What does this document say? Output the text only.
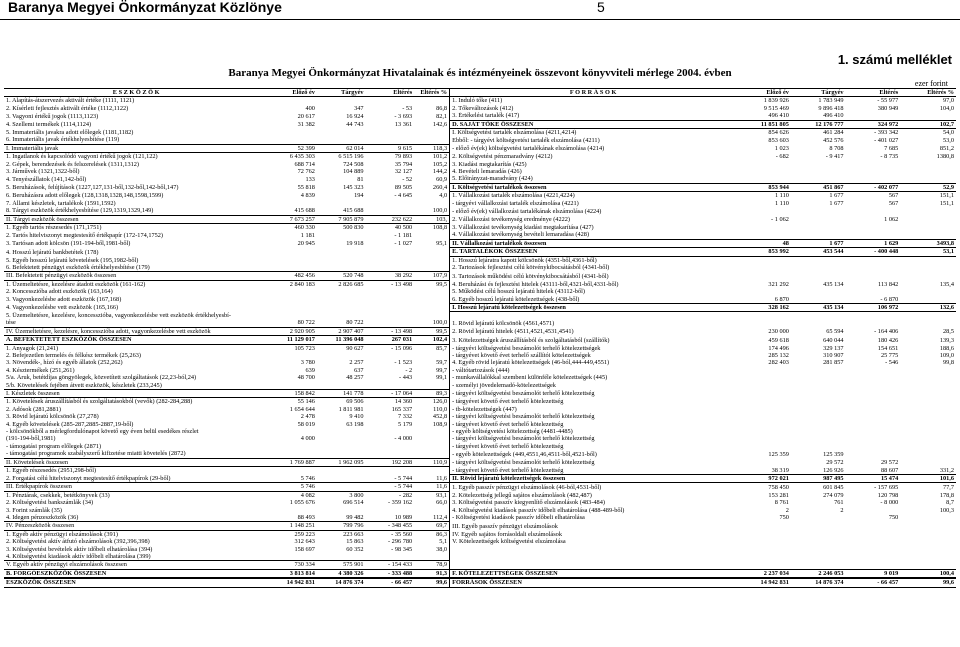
Baranya Megyei Önkormányzat Közlönye	5
1. számú melléklet
Baranya Megyei Önkormányzat Hivatalainak és intézményeinek összevont könyvviteli mérlege 2004. évben
ezer forint
E S Z K Ö Z Ö K	Előző év	Tárgyév	Eltérés	Eltérés %	F O R R Á S O K	Előző év	Tárgyév	Eltérés	Eltérés %
1. Alapítás-átszervezés aktivált értéke (1111, 1121)					1. Induló tőke (411)	1 839 926	1 783 949	- 55 977	97,0
2. Kísérleti fejlesztés aktivált értéke (1112,1122)	400	347	- 53	86,8	2. Tőkeváltozások (412)	9 515 469	9 896 418	380 949	104,0
3. Vagyoni értékű jogok (1113,1123)	20 617	16 924	- 3 693	82,1	3. Értékelési tartalék (417)	496 410	496 410		
4. Szellemi termékek (1114,1124)	31 382	44 743	13 361	142,6	D. SAJÁT TŐKE ÖSSZESEN	11 851 805	12 176 777	324 972	102,7
5. Immateriális javakra adott előlegek (1181,1182)					I. Költségvetési tartalék elszámolása (4211,4214)	854 626	461 284	- 393 342	54,0
6. Immateriális javak értékhelyesbítése (119)					Ebből: - tárgyévi költségvetési tartalék elszámolása (4211)	853 603	452 576	- 401 027	53,0
I. Immateriális javak	52 399	62 014	9 615	118,3	- előző év(ek) költségvetési tartalékának elszámolása (4214)	1 023	8 708	7 685	851,2
1. Ingatlanok és kapcsolódó vagyoni értékű jogok (121,122)	6 435 303	6 515 196	79 893	101,2	2. Költségvetési pénzmaradvány (4212)	- 682	- 9 417	- 8 735	1380,8
2. Gépek, berendezések és felszerelések (1311,1312)	688 714	724 508	35 794	105,2	3. Kiadási megtakarítás (425)				
3. Járművek (1321,1322-ből)	72 762	104 889	32 127	144,2	4. Bevételi lemaradás (426)				
4. Tenyészállatok (141,142-ből)	133	81	- 52	60,9	5. Előirányzat-maradvány (424)				
5. Beruházások, felújítások (1227,127,131-ből,132-ből,142-ből,147)	55 818	145 323	89 505	260,4	I. Költségvetési tartalékok összesen	853 944	451 867	- 402 077	52,9
6. Beruházásra adott előlegek (128,1318,1328,148,1598,1599)	4 839	194	- 4 645	4,0	1. Vállalkozási tartalék elszámolása (4221,4224)	1 110	1 677	567	151,1
7. Állami készletek, tartalékok (1591,1592)					- tárgyévi vállalkozási tartalék elszámolása (4221)	1 110	1 677	567	151,1
8. Tárgyi eszközök értékhelyesbítése (129,1319,1329,149)	415 688	415 688		100,0	- előző év(ek) vállalkozási tartalékának elszámolása (4224)				
II. Tárgyi eszközök összesen	7 673 257	7 905 879	232 622	103,	2. Vállalkozási tevékenység eredménye (4222)	- 1 062		1 062	
1. Egyéb tartós részesedés (171,1751)	460 330	500 830	40 500	108,8	3. Vállalkozási tevékenység kiadási megtakarítása (427)				
2. Tartós hitelviszonyt megtestesítő értékpapír (172-174,1752)	1 181		- 1 181		4. Vállalkozási tevékenység bevételi lemaradása (428)				
3. Tartósan adott kölcsön (191-194-ből,1981-ből)	20 945	19 918	- 1 027	95,1	II. Vállalkozási tartalékok összesen	48	1 677	1 629	3493,8
4. Hosszú lejáratú bankbetétek (178)					E. TARTALÉKOK ÖSSZESEN	853 992	453 544	- 400 448	53,1
5. Egyéb hosszú lejáratú követelések (195,1982-ből)					1. Hosszú lejáratra kapott kölcsönök (4351-ből,4361-ből)				
6. Befektetett pénzügyi eszközök értékhelyesbítése (179)					2. Tartozások fejlesztési célú kötvénykibocsátásból (4341-ből)				
III. Befektetett pénzügyi eszközök összesen	482 456	520 748	38 292	107,9	3. Tartozások működési célú kötvénykibocsátásból (4341-ből)				
1. Üzemeltetésre, kezelésre átadott eszközök (161-162)	2 840 183	2 826 685	- 13 498	99,5	4. Beruházási és fejlesztési hitelek (43111-ből,4321-ből,4331-ből)	321 292	435 134	113 842	135,4
2. Koncesszióba adott eszközök (163,164)					5. Működési célú hosszú lejáratú hitelek (43112-ből)				
3. Vagyonkezelésbe adott eszközök (167,168)					6. Egyéb hosszú lejáratú kötelezettségek (438-ből)	6 870		- 6 870	
4. Vagyonkezelésbe vett eszközök (165,166)					I. Hosszú lejáratú kötelezettségek összesen	328 162	435 134	106 972	132,6
5. Üzemeltetésre, kezelésre, koncesszióba, vagyonkezelésbe vett eszközök értékhelyesbí-									
tése	80 722	80 722		100,0	1. Rövid lejáratú kölcsönök (4561,4571)				
IV. Üzemeltetésre, kezelésre, koncesszióba adott, vagyonkezelésbe vett eszközök	2 920 905	2 907 407	- 13 498	99,5	2. Rövid lejáratú hitelek (4511,4521,4531,4541)	230 000	65 594	- 164 406	28,5
A. BEFEKTETETT ESZKÖZÖK ÖSSZESEN	11 129 017	11 396 048	267 031	102,4	3. Kötelezettségek áruszállításból és szolgáltatásból (szállítók)	459 618	640 044	180 426	139,3
1. Anyagok (21,241)	105 723	90 627	- 15 096	85,7	- tárgyévi költségvetési beszámolót terhelő kötelezettségek	174 496	329 137	154 651	188,6
2. Befejezetlen termelés és félkész termékek (25,263)					- tárgyévet követő évet terhelő szállítói kötelezettségek	285 132	310 907	25 775	109,0
3. Növendék-, hízó és egyéb állatok (252,262)	3 780	2 257	- 1 523	59,7	4. Egyéb rövid lejáratú kötelezettségek (46-ból,444-449,4551)	282 403	281 857	- 546	99,8
4. Késztermékek (251,261)	639	637	- 2	99,7	- váltótartozások (444)				
5/a. Áruk, betétdíjas göngyölegek, közvetített szolgáltatások (22,23-ból,24)	48 700	48 257	- 443	99,1	- munkavállalókkal szembeni különféle kötelezettségek (445)				
5/b. Követelések fejében átvett eszközök, készletek (233,245)					- személyi jövedelemadó-kötelezettségek				
I. Készletek összesen	158 842	141 778	- 17 064	89,3	- tárgyévi költségvetési beszámolót terhelő kötelezettség				
1. Követelések áruszállításból és szolgáltatásokból (vevők) (282-284,288)	55 146	69 506	14 360	126,0	- tárgyévet követő évet terhelő kötelezettség				
2. Adósok (281,2881)	1 654 644	1 811 981	165 337	110,0	- tb-kötelezettségek (447)				
3. Rövid lejáratú kölcsönök (27,278)	2 478	9 410	7 332	452,8	- tárgyévi költségvetési beszámolót terhelő kötelezettség				
4. Egyéb követelések (285-287,2885-2887,19-ből)	58 019	63 198	5 179	108,9	- tárgyévet követő évet terhelő kötelezettség				
- kölcsönökből a mérlegfordulónapot követő egy éven belül esedékes részlet					- egyéb költségvetési kötelezettség (4481-4485)				
(191-194-ből,1981)	4 000		- 4 000		- tárgyévi költségvetési beszámolót terhelő kötelezettség				
- támogatási program előlegek (2871)					- tárgyévet követő évet terhelő kötelezettség				
- támogatási programok szabályszerű kifizetése miatti követelés (2872)					- egyéb kötelezettségek (449,4551,46,4511-ből,4521-ből)	125 359	125 359		
II. Követelések összesen	1 769 887	1 962 095	192 208	110,9	- tárgyévi költségvetési beszámolót terhelő kötelezettség		29 572	29 572	
1. Egyéb részesedés (2951,298-ből)					- tárgyévet követő évet terhelő kötelezettség	38 319	126 926	88 607	331,2
2. Forgatási célú hitelviszonyt megtestesítő értékpapírok (29-ből)	5 746		- 5 744	11,6	II. Rövid lejáratú kötelezettségek összesen	972 021	987 495	15 474	101,6
III. Értékpapírok összesen	5 746		- 5 744	11,6	1. Egyéb passzív pénzügyi elszámolások (46-ból,4531-ből)	758 450	601 845	- 157 695	77,7
1. Pénztárak, csekkek, betétkönyvek (33)	4 082	3 800	- 282	93,1	2. Kötelezettség jellegű sajátos elszámolások (482,487)	153 281	274 079	120 798	178,8
2. Költségvetési bankszámlák (34)	1 055 676	696 514	- 359 162	66,0	3. Költségvetési passzív kiegyenlítő elszámolások (483-484)	8 761	761	- 8 000	8,7
3. Forint számlák (35)					4. Költségvetési kiadások passzív időbeli elhatárolása (488-489-ből)	2	2		100,3
4. Idegen pénzeszközök (36)	88 493	99 482	10 989	112,4	- Költségvetési kiadások passzív időbeli elhatárolása	750		750	
IV. Pénzeszközök összesen	1 148 251	799 796	- 348 455	69,7	III. Egyéb passzív pénzügyi elszámolások				
1. Egyéb aktív pénzügyi elszámolások (391)	259 223	223 663	- 35 560	86,3	IV. Egyéb sajátos forrásoldali elszámolások				
2. Költségvetési aktív átfutó elszámolások (392,396,398)	312 643	15 863	- 296 780	5,1	V. Kötelezettségek költségvetési elszámolása				
3. Költségvetési bevételek aktív időbeli elhatárolása (394)	158 697	60 352	- 98 345	38,0					
4. Költségvetési kiadások aktív időbeli elhatárolása (399)									
V. Egyéb aktív pénzügyi elszámolások összesen	730 334	575 901	- 154 433	78,9					
B. FORGÓESZKÖZÖK ÖSSZESEN	3 813 814	4 380 326	- 333 488	91,3	F. KÖTELEZETTSÉGEK ÖSSZESEN	2 237 034	2 246 053	9 019	100,4

ESZKÖZÖK ÖSSZESEN	14 942 831	14 876 374	- 66 457	99,6	FORRÁSOK ÖSSZESEN	14 942 831	14 876 374	- 66 457	99,6
